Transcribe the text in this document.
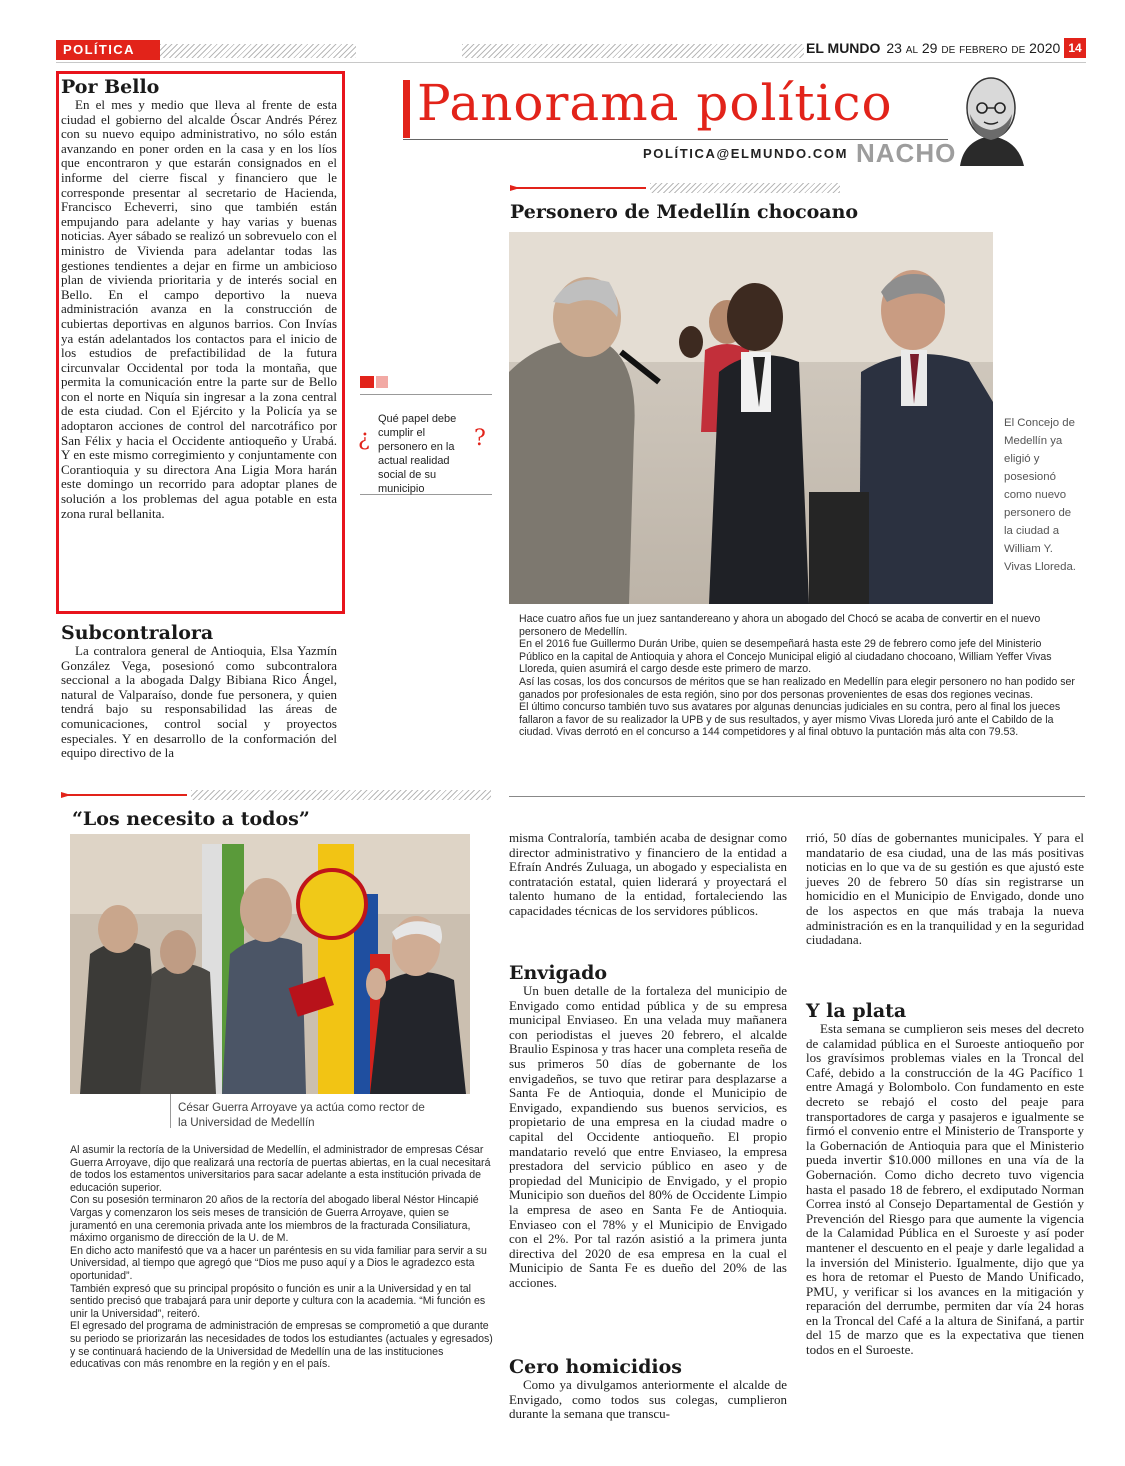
POLÍTICA	EL MUNDO 23 al 29 de febrero de 2020 14
Panorama político
POLÍTICA@ELMUNDO.COM NACHO
Por Bello

En el mes y medio que lleva al frente de esta ciudad el gobierno del alcalde Óscar Andrés Pérez con su nuevo equipo administrativo, no sólo están avanzando en poner orden en la casa y en los líos que encontraron y que estarán consignados en el informe del cierre fiscal y financiero que le corresponde presentar al secretario de Hacienda, Francisco Echeverri, sino que también están empujando para adelante y hay varias y buenas noticias. Ayer sábado se realizó un sobrevuelo con el ministro de Vivienda para adelantar todas las gestiones tendientes a dejar en firme un ambicioso plan de vivienda prioritaria y de interés social en Bello. En el campo deportivo la nueva administración avanza en la construcción de cubiertas deportivas en algunos barrios. Con Invías ya están adelantados los contactos para el inicio de los estudios de prefactibilidad de la futura circunvalar Occidental por toda la montaña, que permita la comunicación entre la parte sur de Bello con el norte en Niquía sin ingresar a la zona central de esta ciudad. Con el Ejército y la Policía ya se adoptaron acciones de control del narcotráfico por San Félix y hacia el Occidente antioqueño y Urabá. Y en este mismo corregimiento y conjuntamente con Corantioquia y su directora Ana Ligia Mora harán este domingo un recorrido para adoptar planes de solución a los problemas del agua potable en esta zona rural bellanita.

Subcontralora

La contralora general de Antioquia, Elsa Yazmín González Vega, posesionó como subcontralora seccional a la abogada Dalgy Bibiana Rico Ángel, natural de Valparaíso, donde fue personera, y quien tendrá bajo su responsabilidad las áreas de comunicaciones, control social y proyectos especiales. Y en desarrollo de la conformación del equipo directivo de la

¿
Qué papel debe cumplir el personero en la actual realidad social de su municipio
?
Personero de Medellín chocoano
El Concejo de Medellín ya eligió y posesionó como nuevo personero de la ciudad a William Y. Vivas Lloreda.

Hace cuatro años fue un juez santandereano y ahora un abogado del Chocó se acaba de convertir en el nuevo personero de Medellín.

En el 2016 fue Guillermo Durán Uribe, quien se desempeñará hasta este 29 de febrero como jefe del Ministerio Público en la capital de Antioquia y ahora el Concejo Municipal eligió al ciudadano chocoano, William Yeffer Vivas Lloreda, quien asumirá el cargo desde este primero de marzo.

Así las cosas, los dos concursos de méritos que se han realizado en Medellín para elegir personero no han podido ser ganados por profesionales de esta región, sino por dos personas provenientes de esas dos regiones vecinas.

El último concurso también tuvo sus avatares por algunas denuncias judiciales en su contra, pero al final los jueces fallaron a favor de su realizador la UPB y de sus resultados, y ayer mismo Vivas Lloreda juró ante el Cabildo de la ciudad. Vivas derrotó en el concurso a 144 competidores y al final obtuvo la puntación más alta con 79.53.

“Los necesito a todos”
César Guerra Arroyave ya actúa como rector de la Universidad de Medellín

Al asumir la rectoría de la Universidad de Medellín, el administrador de empresas César Guerra Arroyave, dijo que realizará una rectoría de puertas abiertas, en la cual necesitará de todos los estamentos universitarios para sacar adelante a esta institución privada de educación superior.

Con su posesión terminaron 20 años de la rectoría del abogado liberal Néstor Hincapié Vargas y comenzaron los seis meses de transición de Guerra Arroyave, quien se juramentó en una ceremonia privada ante los miembros de la fracturada Consiliatura, máximo organismo de dirección de la U. de M.

En dicho acto manifestó que va a hacer un paréntesis en su vida familiar para servir a su Universidad, al tiempo que agregó que “Dios me puso aquí y a Dios le agradezco esta oportunidad”.

También expresó que su principal propósito o función es unir a la Universidad y en tal sentido precisó que trabajará para unir deporte y cultura con la academia. “Mi función es unir la Universidad”, reiteró.

El egresado del programa de administración de empresas se comprometió a que durante su periodo se priorizarán las necesidades de todos los estudiantes (actuales y egresados) y se continuará haciendo de la Universidad de Medellín una de las instituciones educativas con más renombre en la región y en el país.

misma Contraloría, también acaba de designar como director administrativo y financiero de la entidad a Efraín Andrés Zuluaga, un abogado y especialista en contratación estatal, quien liderará y proyectará el talento humano de la entidad, fortaleciendo las capacidades técnicas de los servidores públicos.

Envigado

Un buen detalle de la fortaleza del municipio de Envigado como entidad pública y de su empresa municipal Enviaseo. En una velada muy mañanera con periodistas el jueves 20 febrero, el alcalde Braulio Espinosa y tras hacer una completa reseña de sus primeros 50 días de gobernante de los envigadeños, se tuvo que retirar para desplazarse a Santa Fe de Antioquia, donde el Municipio de Envigado, expandiendo sus buenos servicios, es propietario de una empresa en la ciudad madre o capital del Occidente antioqueño. El propio mandatario reveló que entre Enviaseo, la empresa prestadora del servicio público en aseo y de propiedad del Municipio de Envigado, y el propio Municipio son dueños del 80% de Occidente Limpio la empresa de aseo en Santa Fe de Antioquia. Enviaseo con el 78% y el Municipio de Envigado con el 2%. Por tal razón asistió a la primera junta directiva del 2020 de esa empresa en la cual el Municipio de Santa Fe es dueño del 20% de las acciones.

Cero homicidios

Como ya divulgamos anteriormente el alcalde de Envigado, como todos sus colegas, cumplieron durante la semana que transcu-

rrió, 50 días de gobernantes municipales. Y para el mandatario de esa ciudad, una de las más positivas noticias en lo que va de su gestión es que ajustó este jueves 20 de febrero 50 días sin registrarse un homicidio en el Municipio de Envigado, donde uno de los aspectos en que más trabaja la nueva administración es en la tranquilidad y en la seguridad ciudadana.

Y la plata

Esta semana se cumplieron seis meses del decreto de calamidad pública en el Suroeste antioqueño por los gravísimos problemas viales en la Troncal del Café, debido a la construcción de la 4G Pacífico 1 entre Amagá y Bolombolo. Con fundamento en este decreto se rebajó el costo del peaje para transportadores de carga y pasajeros e igualmente se firmó el convenio entre el Ministerio de Transporte y la Gobernación de Antioquia para que el Ministerio pueda invertir $10.000 millones en una vía de la Gobernación. Como dicho decreto tuvo vigencia hasta el pasado 18 de febrero, el exdiputado Norman Correa instó al Consejo Departamental de Gestión y Prevención del Riesgo para que aumente la vigencia de la Calamidad Pública en el Suroeste y así poder mantener el descuento en el peaje y darle legalidad a la inversión del Ministerio. Igualmente, dijo que ya es hora de retomar el Puesto de Mando Unificado, PMU, y verificar si los avances en la mitigación y reparación del derrumbe, permiten dar vía 24 horas en la Troncal del Café a la altura de Sinifaná, a partir del 15 de marzo que es la expectativa que tienen todos en el Suroeste.
